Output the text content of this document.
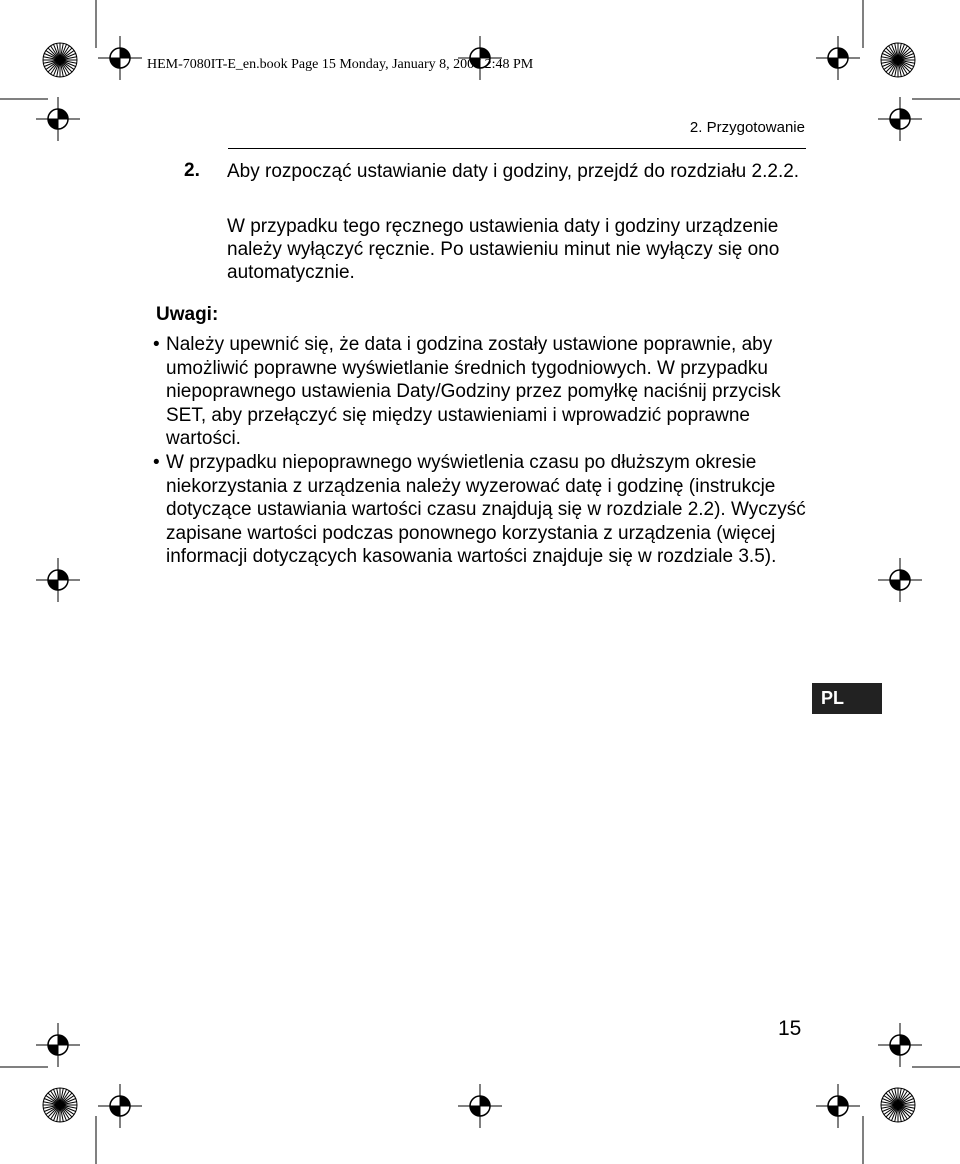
HEM-7080IT-E_en.book Page 15 Monday, January 8, 2007 2:48 PM
2. Przygotowanie
2. Aby rozpocząć ustawianie daty i godziny, przejdź do rozdziału 2.2.2.

W przypadku tego ręcznego ustawienia daty i godziny urządzenie należy wyłączyć ręcznie. Po ustawieniu minut nie wyłączy się ono automatycznie.

Uwagi:

• Należy upewnić się, że data i godzina zostały ustawione poprawnie, aby umożliwić poprawne wyświetlanie średnich tygodniowych. W przypadku niepoprawnego ustawienia Daty/Godziny przez pomyłkę naciśnij przycisk SET, aby przełączyć się między ustawieniami i wprowadzić poprawne wartości.

• W przypadku niepoprawnego wyświetlenia czasu po dłuższym okresie niekorzystania z urządzenia należy wyzerować datę i godzinę (instrukcje dotyczące ustawiania wartości czasu znajdują się w rozdziale 2.2). Wyczyść zapisane wartości podczas ponownego korzystania z urządzenia (więcej informacji dotyczących kasowania wartości znajduje się w rozdziale 3.5).

PL
15
